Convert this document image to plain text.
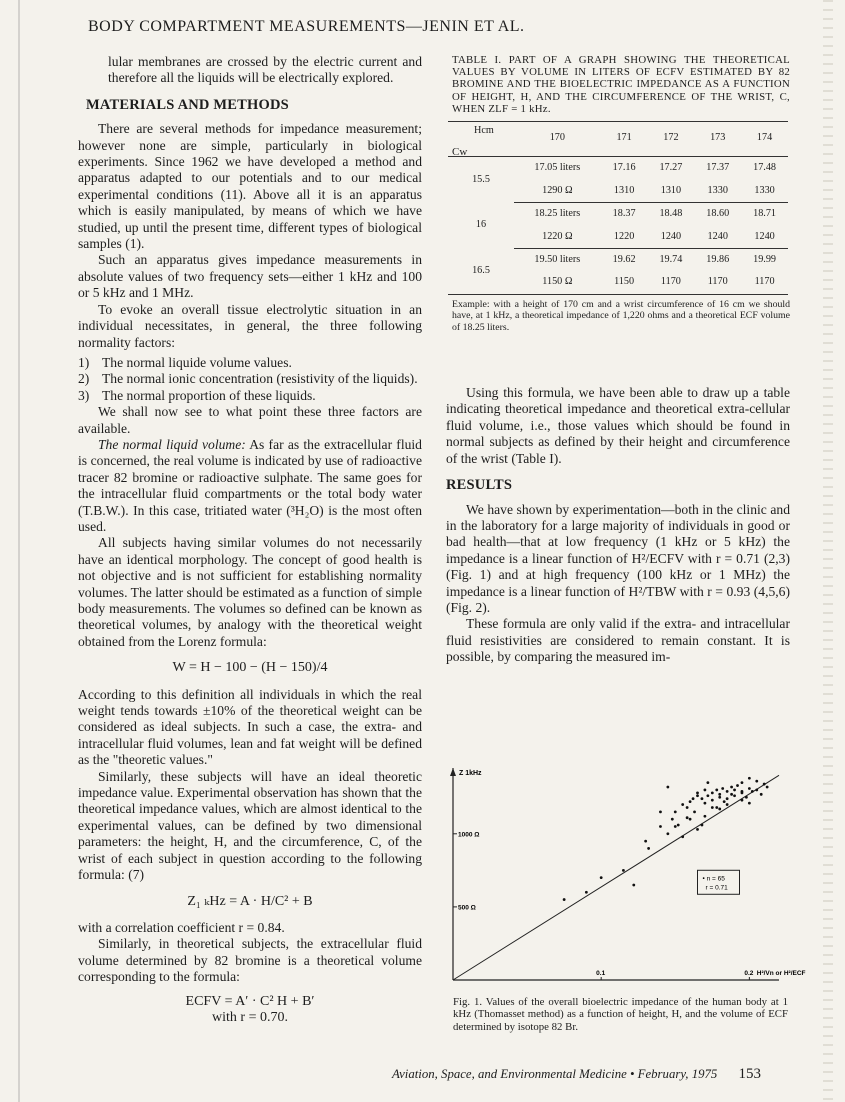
BODY COMPARTMENT MEASUREMENTS—JENIN ET AL.

lular membranes are crossed by the electric current and therefore all the liquids will be electrically explored.

MATERIALS AND METHODS

There are several methods for impedance measurement; however none are simple, particularly in biological experiments. Since 1962 we have developed a method and apparatus adapted to our potentials and to our medical experimental conditions (11). Above all it is an apparatus which is easily manipulated, by means of which we have studied, up until the present time, different types of biological samples (1).

Such an apparatus gives impedance measurements in absolute values of two frequency sets—either 1 kHz and 100 or 5 kHz and 1 MHz.

To evoke an overall tissue electrolytic situation in an individual necessitates, in general, the three following normality factors:

1) The normal liquide volume values.
2) The normal ionic concentration (resistivity of the liquids).
3) The normal proportion of these liquids.

We shall now see to what point these three factors are available.

The normal liquid volume: As far as the extracellular fluid is concerned, the real volume is indicated by use of radioactive tracer 82 bromine or radioactive sulphate. The same goes for the intracellular fluid compartments or the total body water (T.B.W.). In this case, tritiated water (³H₂O) is the most often used.

All subjects having similar volumes do not necessarily have an identical morphology. The concept of good health is not objective and is not sufficient for establishing normality volumes. The latter should be estimated as a function of simple body measurements. The volumes so defined can be known as theoretical volumes, by analogy with the theoretical weight obtained from the Lorenz formula:

W = H − 100 − (H − 150)/4

According to this definition all individuals in which the real weight tends towards ±10% of the theoretical weight can be considered as ideal subjects. In such a case, the extra- and intracellular fluid volumes, lean and fat weight will be defined as the "theoretic values."

Similarly, these subjects will have an ideal theoretic impedance value. Experimental observation has shown that the theoretical impedance values, which are almost identical to the experimental values, can be defined by two dimensional parameters: the height, H, and the circumference, C, of the wrist of each subject in question according to the following formula: (7)

Z₁ ₖHz = A · H/C² + B

with a correlation coefficient r = 0.84.

Similarly, in theoretical subjects, the extracellular fluid volume determined by 82 bromine is a theoretical volume corresponding to the formula:

ECFV = A′ · C² H + B′
with r = 0.70.

TABLE I. PART OF A GRAPH SHOWING THE THEORETICAL VALUES BY VOLUME IN LITERS OF ECFV ESTIMATED BY 82 BROMINE AND THE BIOELECTRIC IMPEDANCE AS A FUNCTION OF HEIGHT, H, AND THE CIRCUMFERENCE OF THE WRIST, C, WHEN ZLF = 1 kHz.

Hcm
Cw	170	171	172	173	174
15.5	17.05 liters	17.16	17.27	17.37	17.48
	1290 Ω	1310	1310	1330	1330
16	18.25 liters	18.37	18.48	18.60	18.71
	1220 Ω	1220	1240	1240	1240
16.5	19.50 liters	19.62	19.74	19.86	19.99
	1150 Ω	1150	1170	1170	1170

Example: with a height of 170 cm and a wrist circumference of 16 cm we should have, at 1 kHz, a theoretical impedance of 1,220 ohms and a theoretical ECF volume of 18.25 liters.

Using this formula, we have been able to draw up a table indicating theoretical impedance and theoretical extra-cellular fluid volume, i.e., those values which should be found in normal subjects as defined by their height and circumference of the wrist (Table I).

RESULTS

We have shown by experimentation—both in the clinic and in the laboratory for a large majority of individuals in good or bad health—that at low frequency (1 kHz or 5 kHz) the impedance is a linear function of H²/ECFV with r = 0.71 (2,3) (Fig. 1) and at high frequency (100 kHz or 1 MHz) the impedance is a linear function of H²/TBW with r = 0.93 (4,5,6) (Fig. 2).

These formula are only valid if the extra- and intracellular fluid resistivities are considered to remain constant. It is possible, by comparing the measured im-

Z 1kHz
500 Ω
1000 Ω
0.1	0.2
• n = 65
r = 0.71
H²/Vn or H²/ECF
Fig. 1. Values of the overall bioelectric impedance of the human body at 1 kHz (Thomasset method) as a function of height, H, and the volume of ECF determined by isotope 82 Br.
Aviation, Space, and Environmental Medicine • February, 1975 153
